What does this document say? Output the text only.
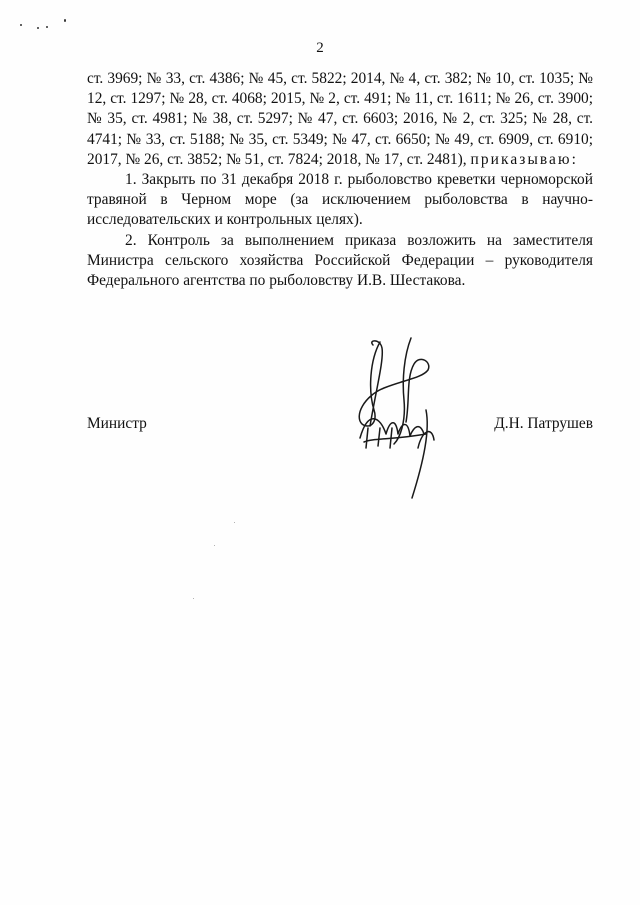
2

ст. 3969; № 33, ст. 4386; № 45, ст. 5822; 2014, № 4, ст. 382; № 10, ст. 1035; № 12, ст. 1297; № 28, ст. 4068; 2015, № 2, ст. 491; № 11, ст. 1611; № 26, ст. 3900; № 35, ст. 4981; № 38, ст. 5297; № 47, ст. 6603; 2016, № 2, ст. 325; № 28, ст. 4741; № 33, ст. 5188; № 35, ст. 5349; № 47, ст. 6650; № 49, ст. 6909, ст. 6910; 2017, № 26, ст. 3852; № 51, ст. 7824; 2018, № 17, ст. 2481), приказываю:

1. Закрыть по 31 декабря 2018 г. рыболовство креветки черноморской травяной в Черном море (за исключением рыболовства в научно-исследовательских и контрольных целях).

2. Контроль за выполнением приказа возложить на заместителя Министра сельского хозяйства Российской Федерации – руководителя Федерального агентства по рыболовству И.В. Шестакова.

Министр	Д.Н. Патрушев
